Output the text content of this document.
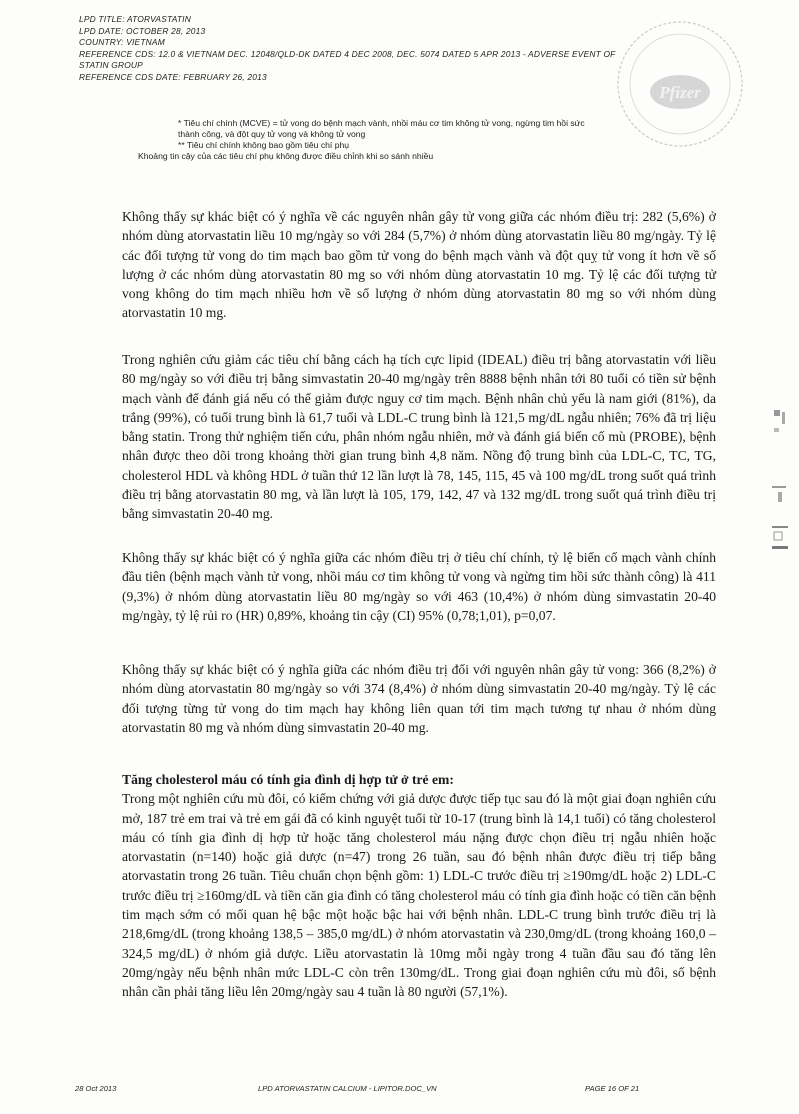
LPD TITLE: ATORVASTATIN
LPD DATE: OCTOBER 28, 2013
COUNTRY: VIETNAM
REFERENCE CDS: 12.0 & VIETNAM DEC. 12048/QLD-DK DATED 4 DEC 2008, DEC. 5074 DATED 5 APR 2013 - ADVERSE EVENT OF
STATIN GROUP
REFERENCE CDS DATE: FEBRUARY 26, 2013
Pfizer
* Tiêu chí chính (MCVE) = tử vong do bệnh mạch vành, nhồi máu cơ tim không tử vong, ngừng tim hồi sức
thành công, và đột quỵ tử vong và không tử vong
** Tiêu chí chính không bao gồm tiêu chí phụ
Khoảng tin cậy của các tiêu chí phụ không được điều chỉnh khi so sánh nhiều
Không thấy sự khác biệt có ý nghĩa về các nguyên nhân gây tử vong giữa các nhóm điều trị: 282 (5,6%) ở nhóm dùng atorvastatin liều 10 mg/ngày so với 284 (5,7%) ở nhóm dùng atorvastatin liều 80 mg/ngày. Tỷ lệ các đối tượng tử vong do tim mạch bao gồm tử vong do bệnh mạch vành và đột quỵ tử vong ít hơn về số lượng ở các nhóm dùng atorvastatin 80 mg so với nhóm dùng atorvastatin 10 mg. Tỷ lệ các đối tượng tử vong không do tim mạch nhiều hơn về số lượng ở nhóm dùng atorvastatin 80 mg so với nhóm dùng atorvastatin 10 mg.
Trong nghiên cứu giảm các tiêu chí bằng cách hạ tích cực lipid (IDEAL) điều trị bằng atorvastatin với liều 80 mg/ngày so với điều trị bằng simvastatin 20-40 mg/ngày trên 8888 bệnh nhân tới 80 tuổi có tiền sử bệnh mạch vành để đánh giá nếu có thể giảm được nguy cơ tim mạch. Bệnh nhân chủ yếu là nam giới (81%), da trắng (99%), có tuổi trung bình là 61,7 tuổi và LDL-C trung bình là 121,5 mg/dL ngẫu nhiên; 76% đã trị liệu bằng statin. Trong thử nghiệm tiến cứu, phân nhóm ngẫu nhiên, mở và đánh giá biến cố mù (PROBE), bệnh nhân được theo dõi trong khoảng thời gian trung bình 4,8 năm. Nồng độ trung bình của LDL-C, TC, TG, cholesterol HDL và không HDL ở tuần thứ 12 lần lượt là 78, 145, 115, 45 và 100 mg/dL trong suốt quá trình điều trị bằng atorvastatin 80 mg, và lần lượt là 105, 179, 142, 47 và 132 mg/dL trong suốt quá trình điều trị bằng simvastatin 20-40 mg.
Không thấy sự khác biệt có ý nghĩa giữa các nhóm điều trị ở tiêu chí chính, tỷ lệ biến cố mạch vành chính đầu tiên (bệnh mạch vành tử vong, nhồi máu cơ tim không tử vong và ngừng tim hồi sức thành công) là 411 (9,3%) ở nhóm dùng atorvastatin liều 80 mg/ngày so với 463 (10,4%) ở nhóm dùng simvastatin 20-40 mg/ngày, tỷ lệ rủi ro (HR) 0,89%, khoảng tin cậy (CI) 95% (0,78;1,01), p=0,07.
Không thấy sự khác biệt có ý nghĩa giữa các nhóm điều trị đối với nguyên nhân gây tử vong: 366 (8,2%) ở nhóm dùng atorvastatin 80 mg/ngày so với 374 (8,4%) ở nhóm dùng simvastatin 20-40 mg/ngày. Tỷ lệ các đối tượng từng tử vong do tim mạch hay không liên quan tới tim mạch tương tự nhau ở nhóm dùng atorvastatin 80 mg và nhóm dùng simvastatin 20-40 mg.
Tăng cholesterol máu có tính gia đình dị hợp tử ở trẻ em:
Trong một nghiên cứu mù đôi, có kiểm chứng với giả dược được tiếp tục sau đó là một giai đoạn nghiên cứu mở, 187 trẻ em trai và trẻ em gái đã có kinh nguyệt tuổi từ 10-17 (trung bình là 14,1 tuổi) có tăng cholesterol máu có tính gia đình dị hợp tử hoặc tăng cholesterol máu nặng được chọn điều trị ngẫu nhiên hoặc atorvastatin (n=140) hoặc giả dược (n=47) trong 26 tuần, sau đó bệnh nhân được điều trị tiếp bằng atorvastatin trong 26 tuần. Tiêu chuẩn chọn bệnh gồm: 1) LDL-C trước điều trị ≥190mg/dL hoặc 2) LDL-C trước điều trị ≥160mg/dL và tiền căn gia đình có tăng cholesterol máu có tính gia đình hoặc có tiền căn bệnh tim mạch sớm có mối quan hệ bậc một hoặc bậc hai với bệnh nhân. LDL-C trung bình trước điều trị là 218,6mg/dL (trong khoảng 138,5 – 385,0 mg/dL) ở nhóm atorvastatin và 230,0mg/dL (trong khoảng 160,0 – 324,5 mg/dL) ở nhóm giả dược. Liều atorvastatin là 10mg mỗi ngày trong 4 tuần đầu sau đó tăng lên 20mg/ngày nếu bệnh nhân mức LDL-C còn trên 130mg/dL. Trong giai đoạn nghiên cứu mù đôi, số bệnh nhân cần phải tăng liều lên 20mg/ngày sau 4 tuần là 80 người (57,1%).
28 Oct 2013	LPD ATORVASTATIN CALCIUM - LIPITOR.DOC_VN	PAGE 16 OF 21
